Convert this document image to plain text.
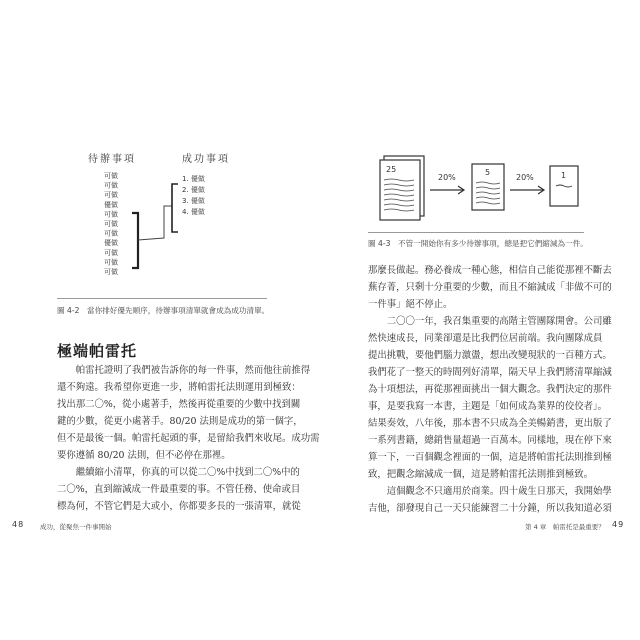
待辦事項	成功事項
可做
可做
可做
優做
可做
可做
可做
優做
可做
可做
可做
1. 優做
2. 優做
3. 優做
4. 優做
圖 4-2　當你排好優先順序，待辦事項清單就會成為成功清單。
極端帕雷托

帕雷托證明了我們被告訴你的每一件事，然而他往前推得

還不夠遠。我希望你更進一步，將帕雷托法則運用到極致：

找出那二〇%，從小處著手，然後再從重要的少數中找到關

鍵的少數，從更小處著手。80/20 法則是成功的第一個字，

但不是最後一個。帕雷托起頭的事，是留給我們來收尾。成功需

要你遵循 80/20 法則，但不必停在那裡。

繼續縮小清單，你真的可以從二〇%中找到二〇%中的

二〇%，直到縮減成一件最重要的事。不管任務、使命或目

標為何，不管它們是大或小，你都要多長的一張清單，就從

48 成功，從聚焦一件事開始
25
20%
5
20%	1
圖 4-3　不管一開始你有多少待辦事項，總是把它們縮減為一件。

那麼長做起。務必養成一種心態，相信自己能從那裡不斷去

蕪存菁，只剩十分重要的少數，而且不縮減成「非做不可的

一件事」絕不停止。

二〇〇一年，我召集重要的高階主管團隊開會。公司雖

然快速成長，同業卻還是比我們位居前端。我向團隊成員

提出挑戰，要他們腦力激盪，想出改變現狀的一百種方式。

我們花了一整天的時間列好清單，隔天早上我們將清單縮減

為十項想法，再從那裡面挑出一個大觀念。我們決定的那件

事，是要我寫一本書，主題是「如何成為業界的佼佼者」。

結果奏效，八年後，那本書不只成為全美暢銷書，更出版了

一系列書籍，總銷售量超過一百萬本。同樣地，現在停下來

算一下，一百個觀念裡面的一個，這是將帕雷托法則推到極

致，把觀念縮減成一個，這是將帕雷托法則推到極致。

這個觀念不只適用於商業。四十歲生日那天，我開始學

吉他，卻發現自己一天只能練習二十分鐘，所以我知道必須

第 4 章　帕雷托是最重要？ 49
